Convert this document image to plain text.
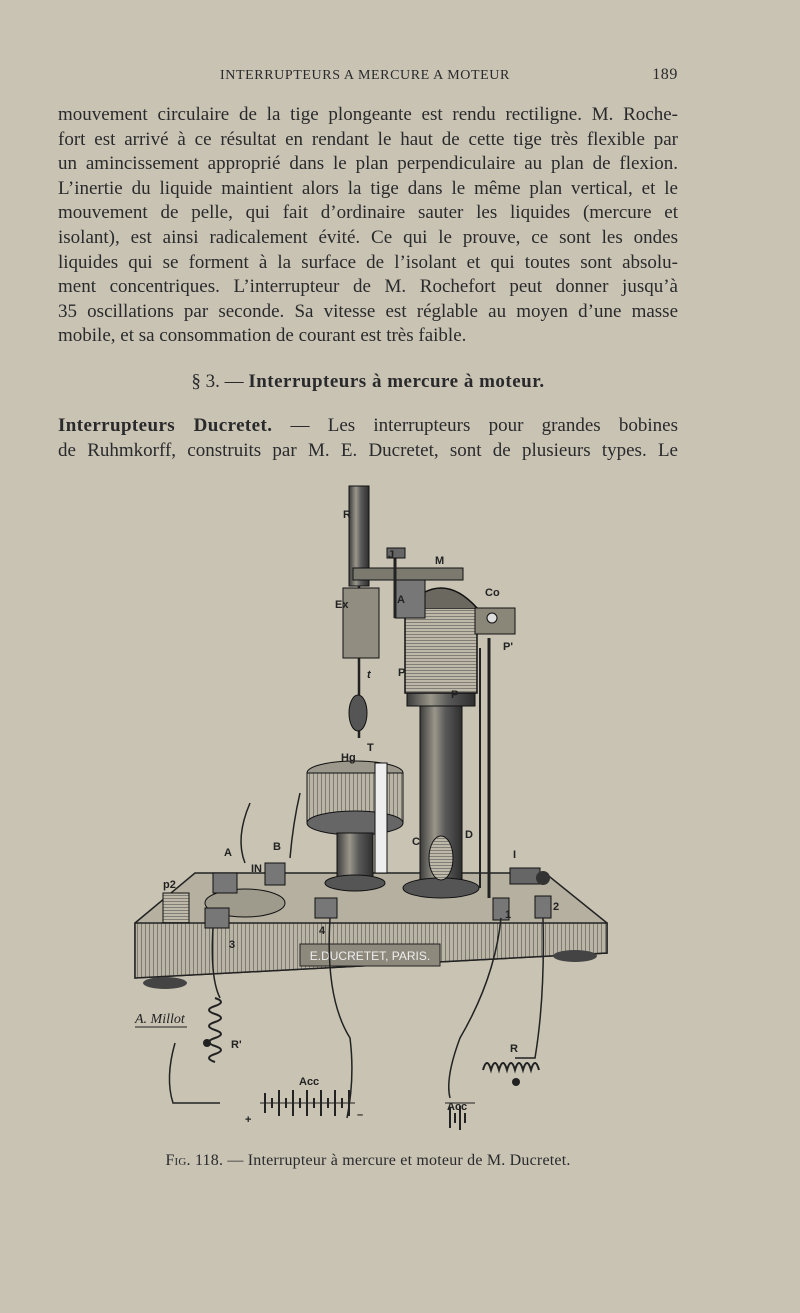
INTERRUPTEURS A MERCURE A MOTEUR	189
mouvement circulaire de la tige plongeante est rendu rectiligne. M. Roche-
fort est arrivé à ce résultat en rendant le haut de cette tige très flexible par
un amincissement approprié dans le plan perpendiculaire au plan de flexion.
L’inertie du liquide maintient alors la tige dans le même plan vertical, et le
mouvement de pelle, qui fait d’ordinaire sauter les liquides (mercure et
isolant), est ainsi radicalement évité. Ce qui le prouve, ce sont les ondes
liquides qui se forment à la surface de l’isolant et qui toutes sont absolu-
ment concentriques. L’interrupteur de M. Rochefort peut donner jusqu’à
35 oscillations par seconde. Sa vitesse est réglable au moyen d’une masse
mobile, et sa consommation de courant est très faible.
§ 3. — Interrupteurs à mercure à moteur.
Interrupteurs Ducretet. — Les interrupteurs pour grandes bobines
de Ruhmkorff, construits par M. E. Ducretet, sont de plusieurs types. Le
E.DUCRETET, PARIS.
R
J	M
Co
Ex	A
P'
t P
P
Hg
T
D
C
I
A	B
IN
p2
1
2
3
4
R'	R
Acc
Acc
+	–
A. Millot
Fig. 118. — Interrupteur à mercure et moteur de M. Ducretet.
